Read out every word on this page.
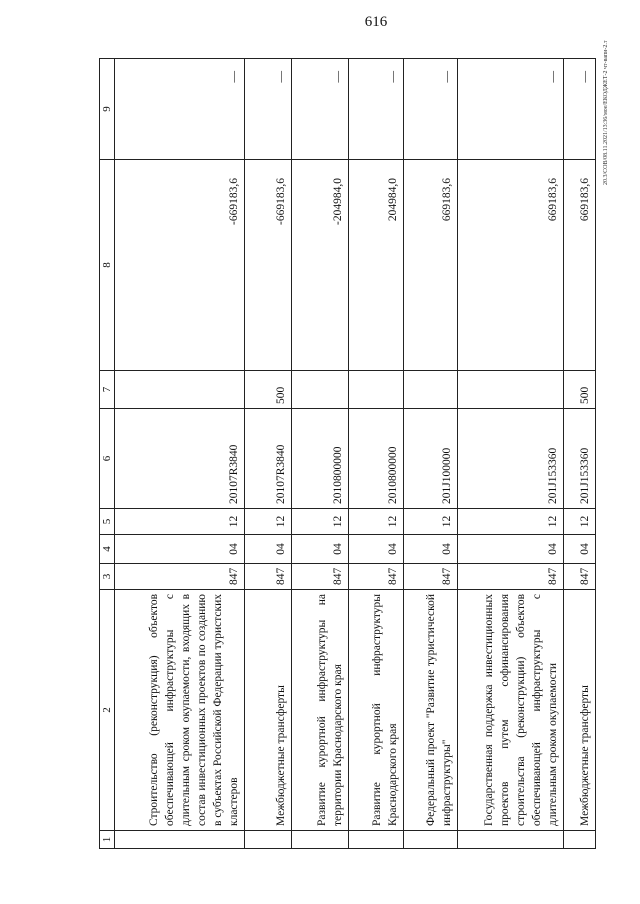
616
20.3/СОВ/08.11.2021/13:36/мое/ЕКОДЖЕТ-2 чт-вапи-2.т
1	2	3	4	5	6	7	8	9
	Строительство (реконструкция) объектов обеспечивающей инфраструктуры с длительным сроком окупаемости, входящих в состав инвестиционных проектов по созданию в субъектах Российской Федерации туристских кластеров	847	04	12	20107R3840		-669183,6	—
	Межбюджетные трансферты	847	04	12	20107R3840	500	-669183,6	—
	Развитие курортной инфраструктуры на территории Краснодарского края	847	04	12	2010800000		-204984,0	—
	Развитие курортной инфраструктуры Краснодарского края	847	04	12	2010800000		204984,0	—
	Федеральный проект "Развитие туристической инфраструктуры"	847	04	12	201J100000		669183,6	—
	Государственная поддержка инвестиционных проектов путем софинансирования строительства (реконструкции) объектов обеспечивающей инфраструктуры с длительным сроком окупаемости	847	04	12	201J153360		669183,6	—
	Межбюджетные трансферты	847	04	12	201J153360	500	669183,6	—
